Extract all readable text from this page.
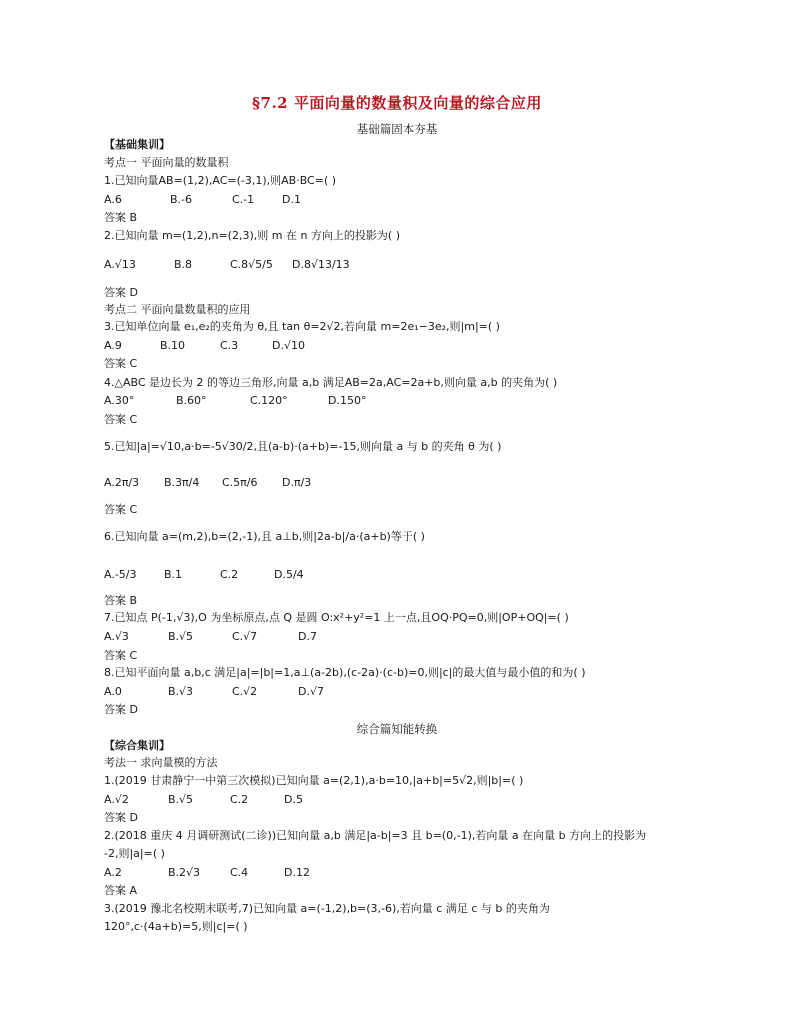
§7.2 平面向量的数量积及向量的综合应用
基础篇固本夯基
【基础集训】
考点一 平面向量的数量积
1.已知向量AB=(1,2),AC=(-3,1),则AB·BC=( )
A.6	B.-6	C.-1	D.1
答案 B
2.已知向量 m=(1,2),n=(2,3),则 m 在 n 方向上的投影为( )
A.√13	B.8	C.8√5/5 D.8√13/13
答案 D
考点二 平面向量数量积的应用
3.已知单位向量 e₁,e₂的夹角为 θ,且 tan θ=2√2,若向量 m=2e₁−3e₂,则|m|=( )
A.9	B.10	C.3	D.√10
答案 C
4.△ABC 是边长为 2 的等边三角形,向量 a,b 满足AB=2a,AC=2a+b,则向量 a,b 的夹角为( )
A.30°	B.60°	C.120°	D.150°
答案 C
5.已知|a|=√10,a·b=-5√30/2,且(a-b)·(a+b)=-15,则向量 a 与 b 的夹角 θ 为( )
A.2π/3 B.3π/4 C.5π/6 D.π/3
答案 C
6.已知向量 a=(m,2),b=(2,-1),且 a⊥b,则|2a-b|/a·(a+b)等于( )
A.-5/3 B.1	C.2	D.5/4
答案 B
7.已知点 P(-1,√3),O 为坐标原点,点 Q 是圆 O:x²+y²=1 上一点,且OQ·PQ=0,则|OP+OQ|=( )
A.√3	B.√5	C.√7	D.7
答案 C
8.已知平面向量 a,b,c 满足|a|=|b|=1,a⊥(a-2b),(c-2a)·(c-b)=0,则|c|的最大值与最小值的和为( )
A.0	B.√3	C.√2	D.√7
答案 D
综合篇知能转换
【综合集训】
考法一 求向量模的方法
1.(2019 甘肃静宁一中第三次模拟)已知向量 a=(2,1),a·b=10,|a+b|=5√2,则|b|=( )
A.√2	B.√5	C.2	D.5
答案 D
2.(2018 重庆 4 月调研测试(二诊))已知向量 a,b 满足|a-b|=3 且 b=(0,-1),若向量 a 在向量 b 方向上的投影为
-2,则|a|=( )
A.2	B.2√3	C.4	D.12
答案 A
3.(2019 豫北名校期末联考,7)已知向量 a=(-1,2),b=(3,-6),若向量 c 满足 c 与 b 的夹角为
120°,c·(4a+b)=5,则|c|=( )
